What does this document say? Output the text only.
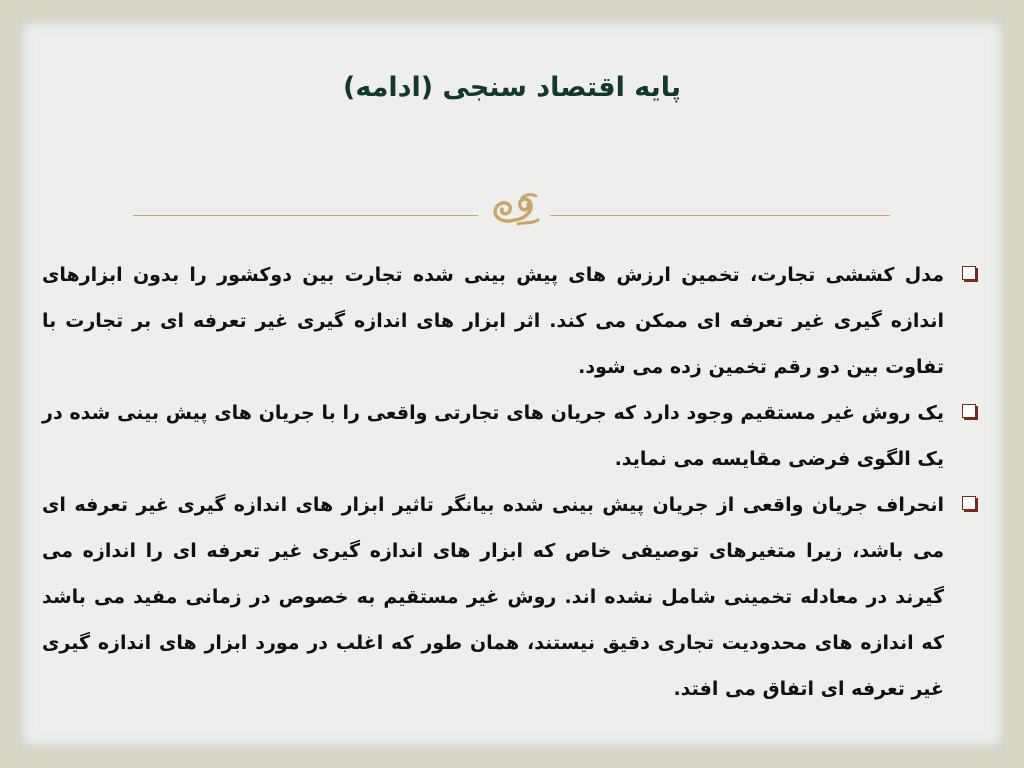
پایه اقتصاد سنجی (ادامه)
مدل کششی تجارت، تخمین ارزش های پیش بینی شده تجارت بین دوکشور را بدون ابزارهای اندازه گیری غیر تعرفه ای ممکن می کند. اثر ابزار های اندازه گیری غیر تعرفه ای بر تجارت با تفاوت بین دو رقم تخمین زده می شود.
یک روش غیر مستقیم وجود دارد که جریان های تجارتی واقعی را با جریان های پیش بینی شده در یک الگوی فرضی مقایسه می نماید.
انحراف جریان واقعی از جریان پیش بینی شده بیانگر تاثیر ابزار های اندازه گیری غیر تعرفه ای می باشد، زیرا متغیرهای توصیفی خاص که ابزار های اندازه گیری غیر تعرفه ای را اندازه می گیرند در معادله تخمینی شامل نشده اند. روش غیر مستقیم به خصوص در زمانی مفید می باشد که اندازه های محدودیت تجاری دقیق نیستند، همان طور که اغلب در مورد ابزار های اندازه گیری غیر تعرفه ای اتفاق می افتد.
